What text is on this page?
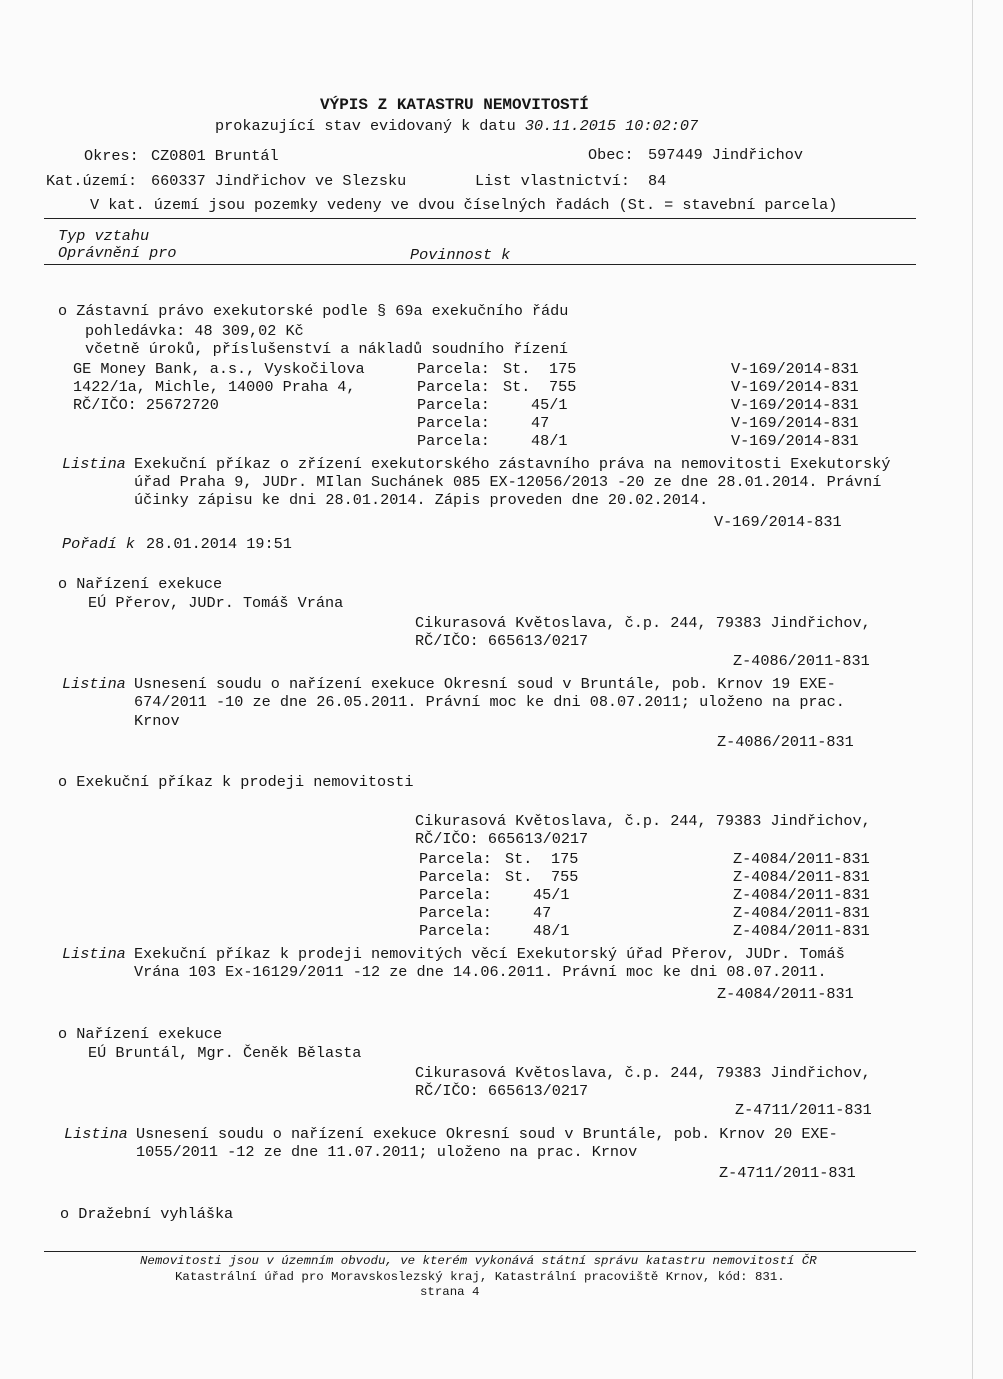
VÝPIS Z KATASTRU NEMOVITOSTÍ
prokazující stav evidovaný k datu 30.11.2015 10:02:07
Okres: CZ0801 Bruntál	Obec: 597449 Jindřichov
Kat.území: 660337 Jindřichov ve Slezsku	List vlastnictví: 84
V kat. území jsou pozemky vedeny ve dvou číselných řadách (St. = stavební parcela)
Typ vztahu
Oprávnění pro	Povinnost k
o Zástavní právo exekutorské podle § 69a exekučního řádu
pohledávka: 48 309,02 Kč
včetně úroků, příslušenství a nákladů soudního řízení
GE Money Bank, a.s., Vyskočilova
1422/1a, Michle, 14000 Praha 4,
RČ/IČO: 25672720
Parcela: St. 175	V-169/2014-831
Parcela: St. 755	V-169/2014-831
Parcela:	45/1	V-169/2014-831
Parcela:	47	V-169/2014-831
Parcela:	48/1	V-169/2014-831
Listina Exekuční příkaz o zřízení exekutorského zástavního práva na nemovitosti Exekutorský
úřad Praha 9, JUDr. MIlan Suchánek 085 EX-12056/2013 -20 ze dne 28.01.2014. Právní
účinky zápisu ke dni 28.01.2014. Zápis proveden dne 20.02.2014.
V-169/2014-831
Pořadí k 28.01.2014 19:51
o Nařízení exekuce
EÚ Přerov, JUDr. Tomáš Vrána
Cikurasová Květoslava, č.p. 244, 79383 Jindřichov,
RČ/IČO: 665613/0217
Z-4086/2011-831
Listina Usnesení soudu o nařízení exekuce Okresní soud v Bruntále, pob. Krnov 19 EXE-
674/2011 -10 ze dne 26.05.2011. Právní moc ke dni 08.07.2011; uloženo na prac.
Krnov
Z-4086/2011-831
o Exekuční příkaz k prodeji nemovitosti
Cikurasová Květoslava, č.p. 244, 79383 Jindřichov,
RČ/IČO: 665613/0217
Parcela: St. 175	Z-4084/2011-831
Parcela: St. 755	Z-4084/2011-831
Parcela:	45/1	Z-4084/2011-831
Parcela:	47	Z-4084/2011-831
Parcela:	48/1	Z-4084/2011-831
Listina Exekuční příkaz k prodeji nemovitých věcí Exekutorský úřad Přerov, JUDr. Tomáš
Vrána 103 Ex-16129/2011 -12 ze dne 14.06.2011. Právní moc ke dni 08.07.2011.
Z-4084/2011-831
o Nařízení exekuce
EÚ Bruntál, Mgr. Čeněk Bělasta
Cikurasová Květoslava, č.p. 244, 79383 Jindřichov,
RČ/IČO: 665613/0217
Z-4711/2011-831
Listina Usnesení soudu o nařízení exekuce Okresní soud v Bruntále, pob. Krnov 20 EXE-
1055/2011 -12 ze dne 11.07.2011; uloženo na prac. Krnov
Z-4711/2011-831
o Dražební vyhláška
Nemovitosti jsou v územním obvodu, ve kterém vykonává státní správu katastru nemovitostí ČR
Katastrální úřad pro Moravskoslezský kraj, Katastrální pracoviště Krnov, kód: 831.
strana 4
